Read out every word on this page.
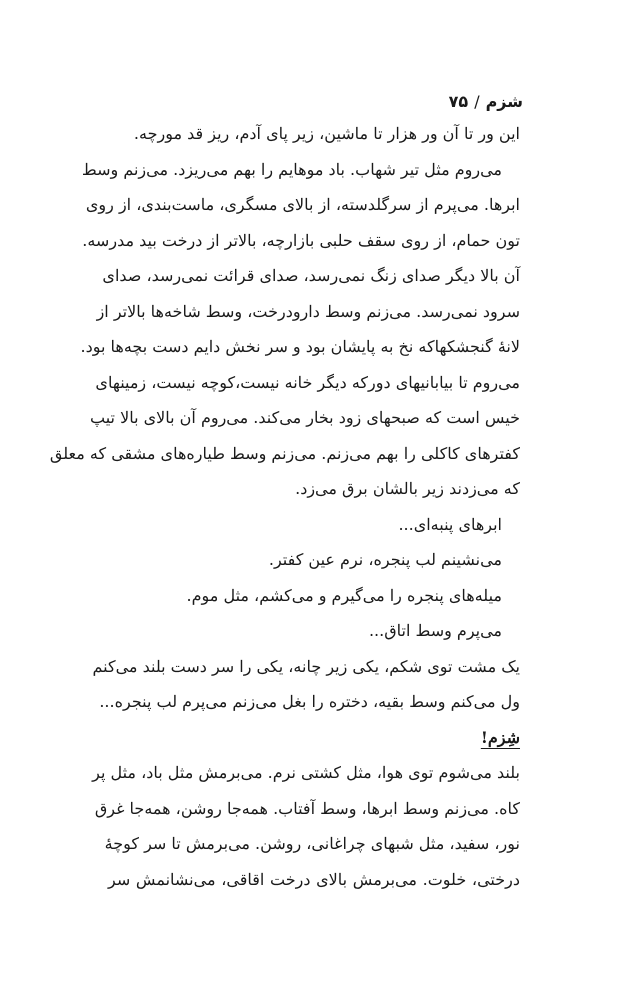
شزم/۷۵
این ور تا آن ور هزار تا ماشین، زیر پای آدم، ریز قد مورچه.
می‌روم مثل تیر شهاب. باد موهایم را بهم می‌ریزد. می‌زنم وسط
ابرها. می‌پرم از سرگلدسته، از بالای مسگری، ماست‌بندی، از روی
تون حمام، از روی سقف حلبی بازارچه، بالاتر از درخت بید مدرسه.
آن بالا دیگر صدای زنگ نمی‌رسد، صدای قرائت نمی‌رسد، صدای
سرود نمی‌رسد. می‌زنم وسط دارودرخت، وسط شاخه‌ها بالاتر از
لانهٔ گنجشکهاکه نخ به پایشان بود و سر نخش دایم دست بچه‌ها بود.
می‌روم تا بیابانیهای دورکه دیگر خانه نیست،کوچه نیست، زمینهای
خیس است که صبحهای زود بخار می‌کند. می‌روم آن بالای بالا تیپ
کفترهای کاکلی را بهم می‌زنم. می‌زنم وسط طیاره‌های مشقی که معلق
که می‌زدند زیر بالشان برق می‌زد.
ابرهای پنبه‌ای...
می‌نشینم لب پنجره، نرم عین کفتر.
میله‌های پنجره را می‌گیرم و می‌کشم، مثل موم.
می‌پرم وسط اتاق...
یک مشت توی شکم، یکی زیر چانه، یکی را سر دست بلند می‌کنم
ول می‌کنم وسط بقیه، دختره را بغل می‌زنم می‌پرم لب پنجره...
شِزم!
بلند می‌شوم توی هوا، مثل کشتی نرم. می‌برمش مثل باد، مثل پر
کاه. می‌زنم وسط ابرها، وسط آفتاب. همه‌جا روشن، همه‌جا غرق
نور، سفید، مثل شبهای چراغانی، روشن. می‌برمش تا سر کوچهٔ
درختی، خلوت. می‌برمش بالای درخت اقاقی، می‌نشانمش سر
